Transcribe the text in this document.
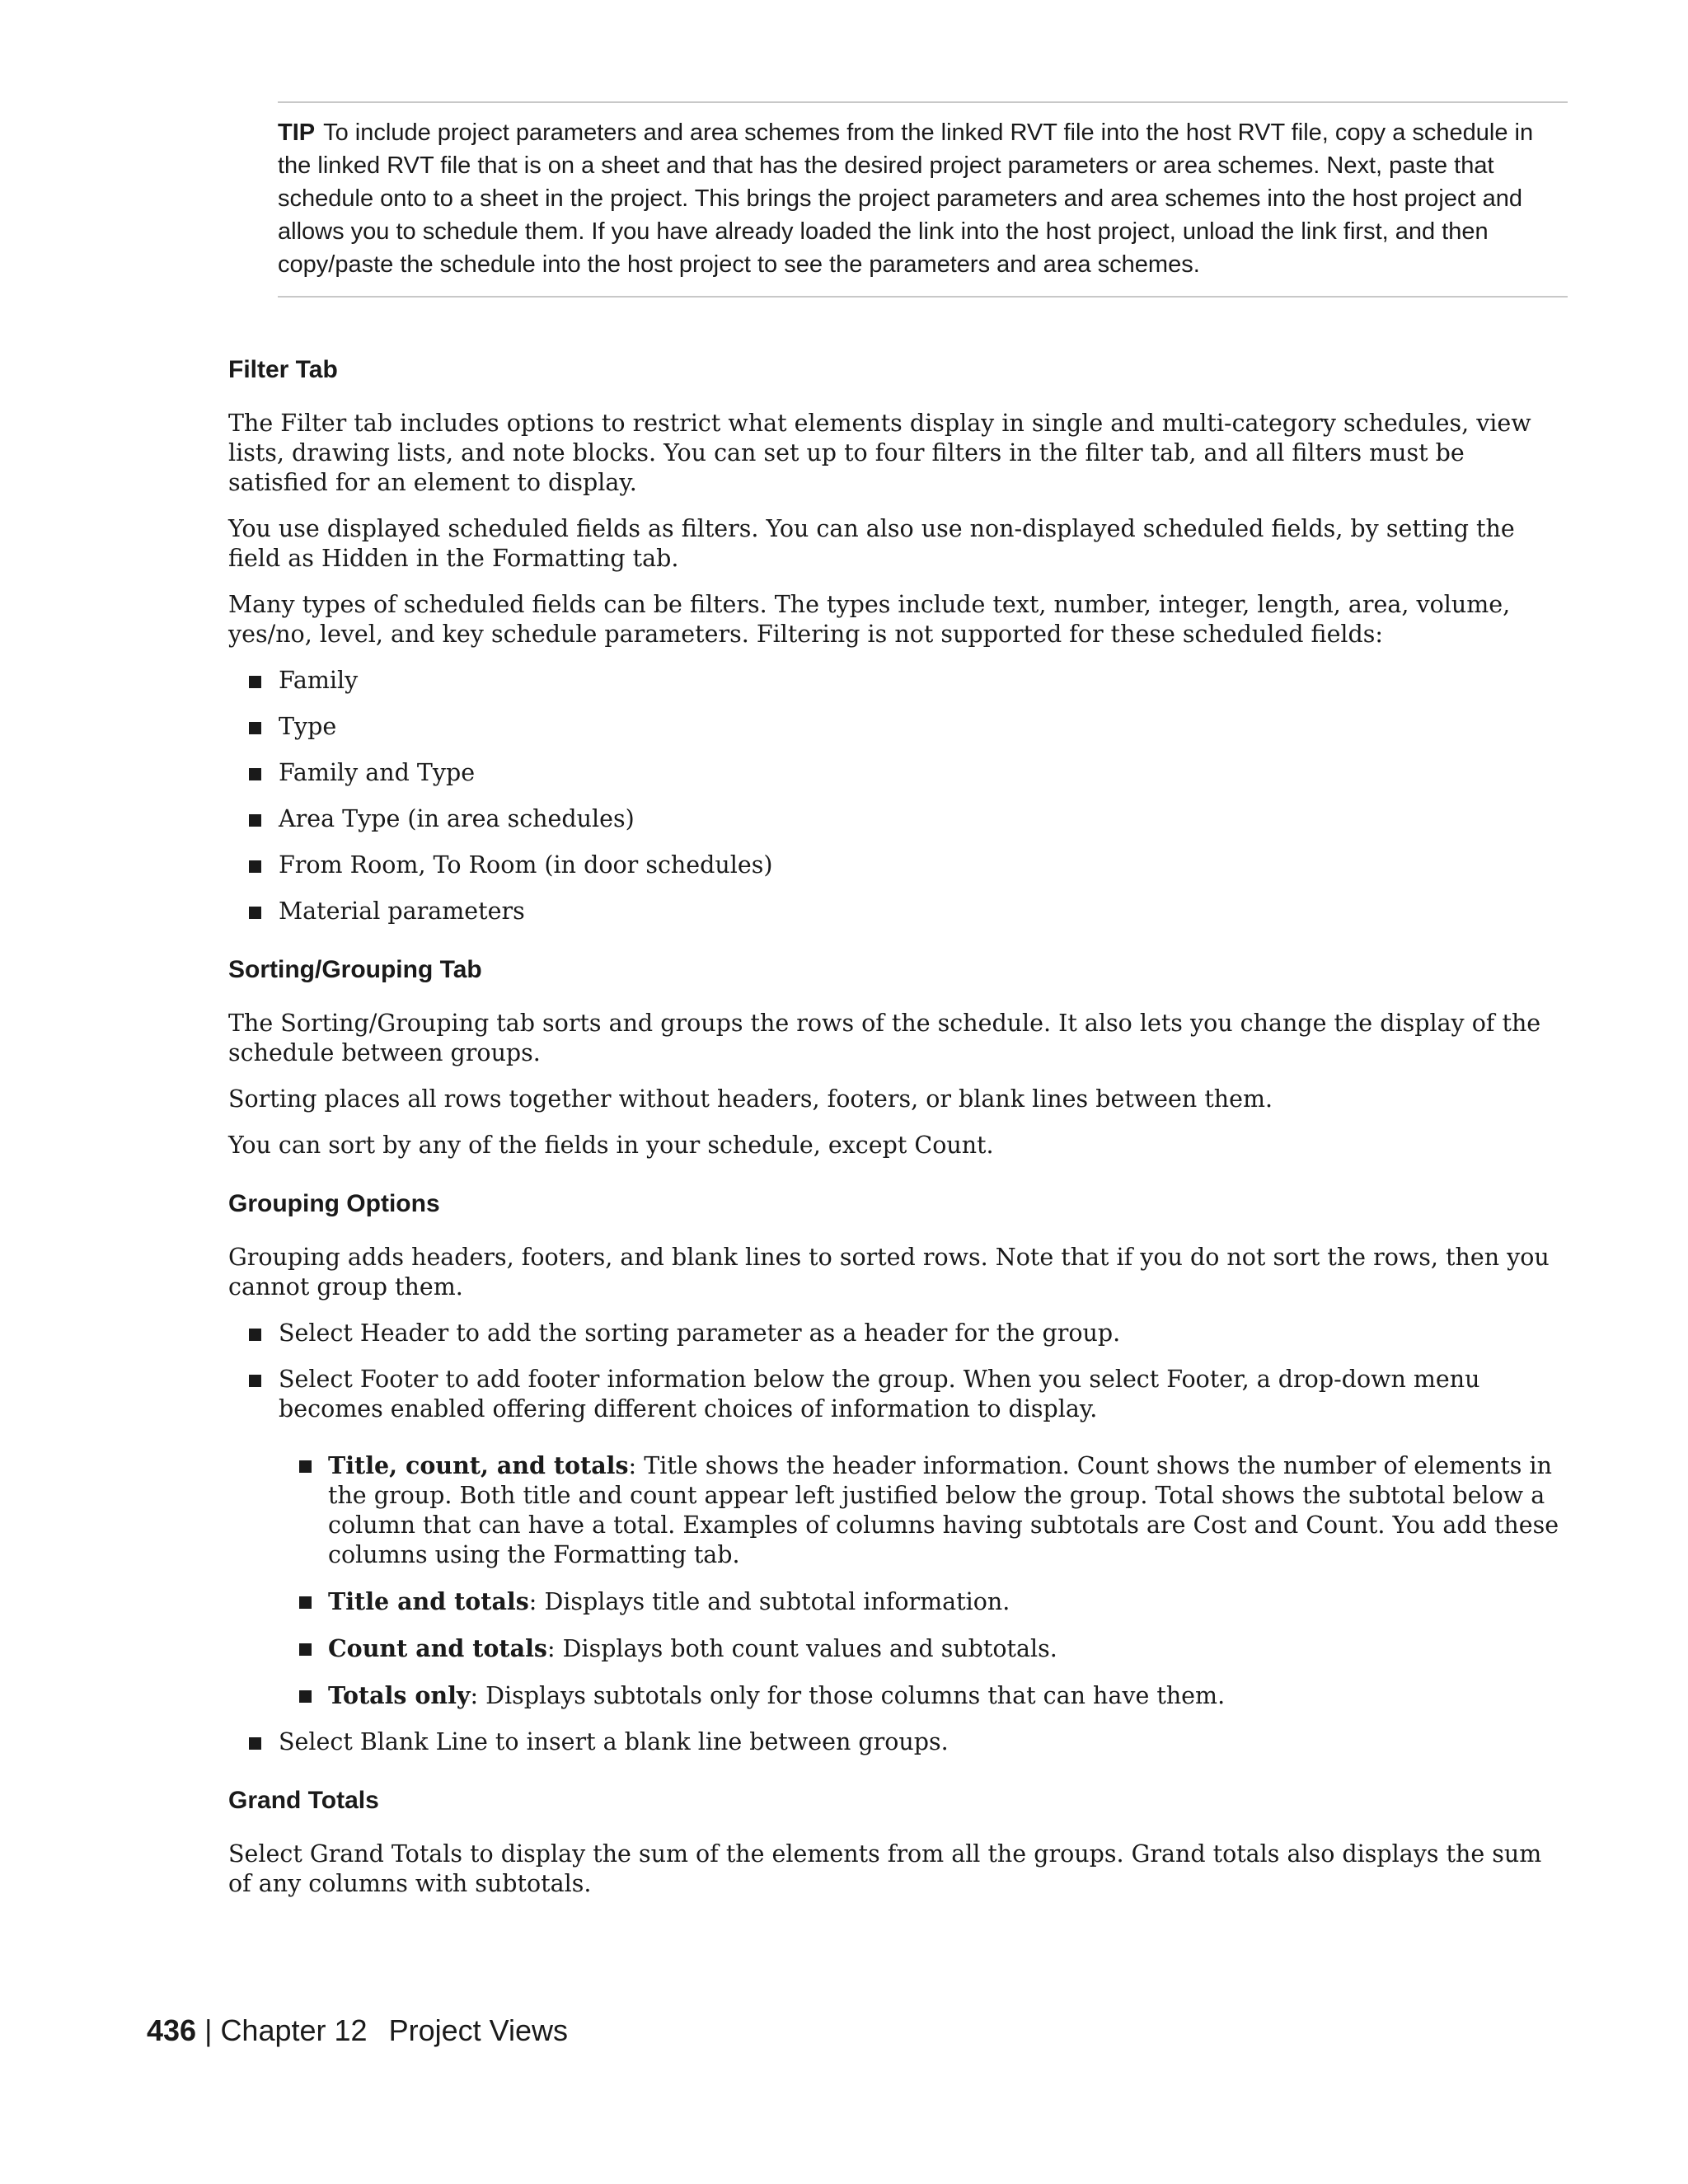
TIP To include project parameters and area schemes from the linked RVT file into the host RVT file, copy a schedule in the linked RVT file that is on a sheet and that has the desired project parameters or area schemes. Next, paste that schedule onto to a sheet in the project. This brings the project parameters and area schemes into the host project and allows you to schedule them. If you have already loaded the link into the host project, unload the link first, and then copy/paste the schedule into the host project to see the parameters and area schemes.
Filter Tab

The Filter tab includes options to restrict what elements display in single and multi-category schedules, view lists, drawing lists, and note blocks. You can set up to four filters in the filter tab, and all filters must be satisfied for an element to display.

You use displayed scheduled fields as filters. You can also use non-displayed scheduled fields, by setting the field as Hidden in the Formatting tab.

Many types of scheduled fields can be filters. The types include text, number, integer, length, area, volume, yes/no, level, and key schedule parameters. Filtering is not supported for these scheduled fields:

Family
Type
Family and Type
Area Type (in area schedules)
From Room, To Room (in door schedules)
Material parameters
Sorting/Grouping Tab

The Sorting/Grouping tab sorts and groups the rows of the schedule. It also lets you change the display of the schedule between groups.

Sorting places all rows together without headers, footers, or blank lines between them.

You can sort by any of the fields in your schedule, except Count.

Grouping Options

Grouping adds headers, footers, and blank lines to sorted rows. Note that if you do not sort the rows, then you cannot group them.

Select Header to add the sorting parameter as a header for the group.
Select Footer to add footer information below the group. When you select Footer, a drop-down menu becomes enabled offering different choices of information to display.
Title, count, and totals: Title shows the header information. Count shows the number of elements in the group. Both title and count appear left justified below the group. Total shows the subtotal below a column that can have a total. Examples of columns having subtotals are Cost and Count. You add these columns using the Formatting tab.
Title and totals: Displays title and subtotal information.
Count and totals: Displays both count values and subtotals.
Totals only: Displays subtotals only for those columns that can have them.
Select Blank Line to insert a blank line between groups.
Grand Totals

Select Grand Totals to display the sum of the elements from all the groups. Grand totals also displays the sum of any columns with subtotals.

436 | Chapter 12 Project Views
